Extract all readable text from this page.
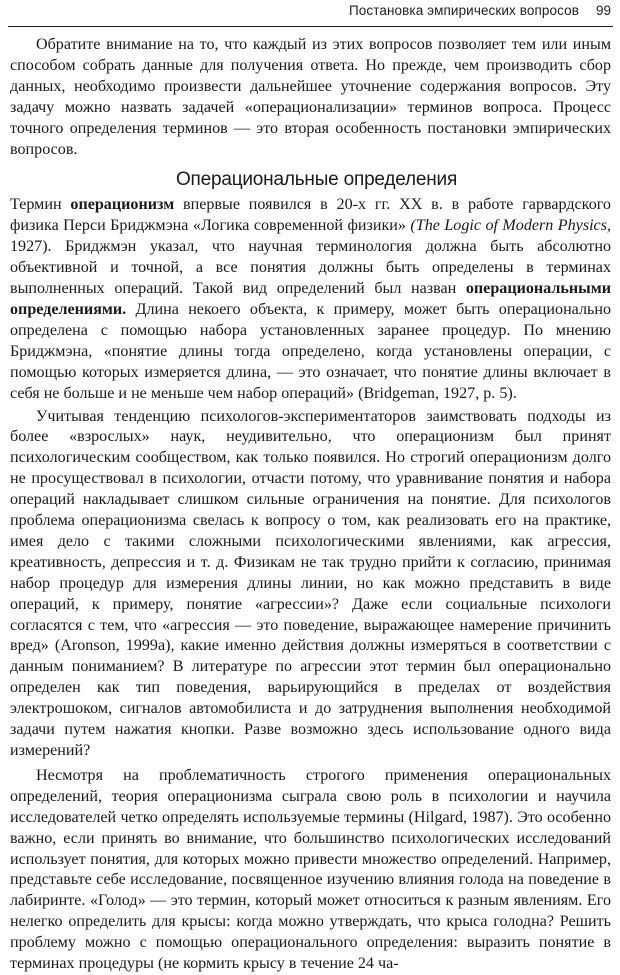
Постановка эмпирических вопросов 99

Обратите внимание на то, что каждый из этих вопросов позволяет тем или иным способом собрать данные для получения ответа. Но прежде, чем производить сбор данных, необходимо произвести дальнейшее уточнение содержания вопросов. Эту задачу можно назвать задачей «операционализации» терминов вопроса. Процесс точного определения терминов — это вторая особенность постановки эмпирических вопросов.

Операциональные определения

Термин операционизм впервые появился в 20-х гг. XX в. в работе гарвардского физика Перси Бриджмэна «Логика современной физики» (The Logic of Modern Physics, 1927). Бриджмэн указал, что научная терминология должна быть абсолютно объективной и точной, а все понятия должны быть определены в терминах выполненных операций. Такой вид определений был назван операциональными определениями. Длина некоего объекта, к примеру, может быть операционально определена с помощью набора установленных заранее процедур. По мнению Бриджмэна, «понятие длины тогда определено, когда установлены операции, с помощью которых измеряется длина, — это означает, что понятие длины включает в себя не больше и не меньше чем набор операций» (Bridgeman, 1927, p. 5).

Учитывая тенденцию психологов-экспериментаторов заимствовать подходы из более «взрослых» наук, неудивительно, что операционизм был принят психологическим сообществом, как только появился. Но строгий операционизм долго не просуществовал в психологии, отчасти потому, что уравнивание понятия и набора операций накладывает слишком сильные ограничения на понятие. Для психологов проблема операционизма свелась к вопросу о том, как реализовать его на практике, имея дело с такими сложными психологическими явлениями, как агрессия, креативность, депрессия и т. д. Физикам не так трудно прийти к согласию, принимая набор процедур для измерения длины линии, но как можно представить в виде операций, к примеру, понятие «агрессии»? Даже если социальные психологи согласятся с тем, что «агрессия — это поведение, выражающее намерение причинить вред» (Aronson, 1999a), какие именно действия должны измеряться в соответствии с данным пониманием? В литературе по агрессии этот термин был операционально определен как тип поведения, варьирующийся в пределах от воздействия электрошоком, сигналов автомобилиста и до затруднения выполнения необходимой задачи путем нажатия кнопки. Разве возможно здесь использование одного вида измерений?

Несмотря на проблематичность строгого применения операциональных определений, теория операционизма сыграла свою роль в психологии и научила исследователей четко определять используемые термины (Hilgard, 1987). Это особенно важно, если принять во внимание, что большинство психологических исследований использует понятия, для которых можно привести множество определений. Например, представьте себе исследование, посвященное изучению влияния голода на поведение в лабиринте. «Голод» — это термин, который может относиться к разным явлениям. Его нелегко определить для крысы: когда можно утверждать, что крыса голодна? Решить проблему можно с помощью операционального определения: выразить понятие в терминах процедуры (не кормить крысу в течение 24 ча-
